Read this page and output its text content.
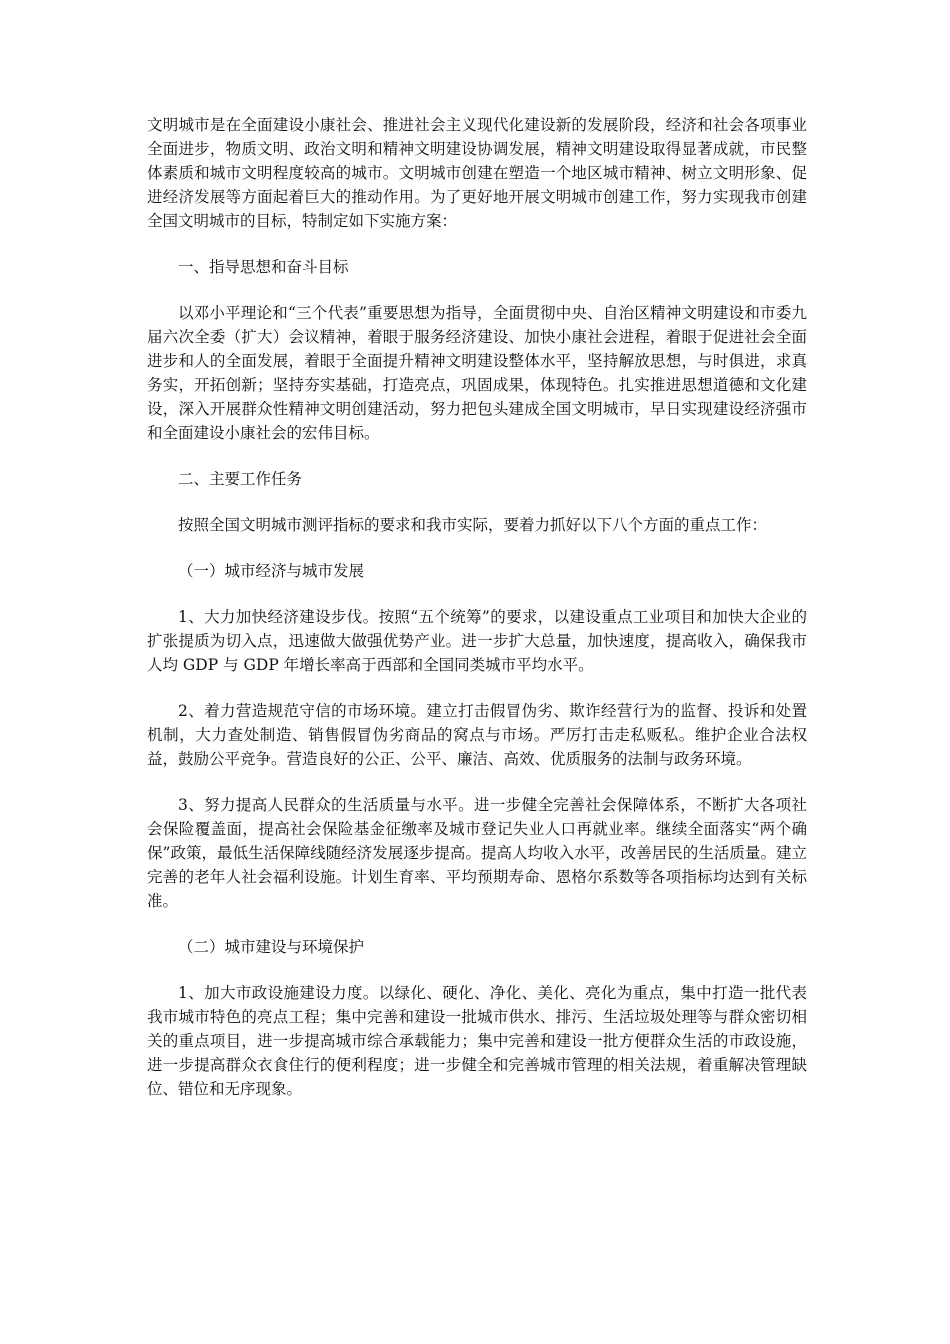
文明城市是在全面建设小康社会、推进社会主义现代化建设新的发展阶段，经济和社会各项事业全面进步，物质文明、政治文明和精神文明建设协调发展，精神文明建设取得显著成就，市民整体素质和城市文明程度较高的城市。文明城市创建在塑造一个地区城市精神、树立文明形象、促进经济发展等方面起着巨大的推动作用。为了更好地开展文明城市创建工作，努力实现我市创建全国文明城市的目标，特制定如下实施方案：

一、指导思想和奋斗目标

以邓小平理论和“三个代表”重要思想为指导，全面贯彻中央、自治区精神文明建设和市委九届六次全委（扩大）会议精神，着眼于服务经济建设、加快小康社会进程，着眼于促进社会全面进步和人的全面发展，着眼于全面提升精神文明建设整体水平，坚持解放思想，与时俱进，求真务实，开拓创新；坚持夯实基础，打造亮点，巩固成果，体现特色。扎实推进思想道德和文化建设，深入开展群众性精神文明创建活动，努力把包头建成全国文明城市，早日实现建设经济强市和全面建设小康社会的宏伟目标。

二、主要工作任务

按照全国文明城市测评指标的要求和我市实际，要着力抓好以下八个方面的重点工作：

（一）城市经济与城市发展

1、大力加快经济建设步伐。按照“五个统筹”的要求，以建设重点工业项目和加快大企业的扩张提质为切入点，迅速做大做强优势产业。进一步扩大总量，加快速度，提高收入，确保我市人均 GDP 与 GDP 年增长率高于西部和全国同类城市平均水平。

2、着力营造规范守信的市场环境。建立打击假冒伪劣、欺诈经营行为的监督、投诉和处置机制，大力查处制造、销售假冒伪劣商品的窝点与市场。严厉打击走私贩私。维护企业合法权益，鼓励公平竞争。营造良好的公正、公平、廉洁、高效、优质服务的法制与政务环境。

3、努力提高人民群众的生活质量与水平。进一步健全完善社会保障体系，不断扩大各项社会保险覆盖面，提高社会保险基金征缴率及城市登记失业人口再就业率。继续全面落实“两个确保”政策，最低生活保障线随经济发展逐步提高。提高人均收入水平，改善居民的生活质量。建立完善的老年人社会福利设施。计划生育率、平均预期寿命、恩格尔系数等各项指标均达到有关标准。

（二）城市建设与环境保护

1、加大市政设施建设力度。以绿化、硬化、净化、美化、亮化为重点，集中打造一批代表我市城市特色的亮点工程；集中完善和建设一批城市供水、排污、生活垃圾处理等与群众密切相关的重点项目，进一步提高城市综合承载能力；集中完善和建设一批方便群众生活的市政设施，进一步提高群众衣食住行的便利程度；进一步健全和完善城市管理的相关法规，着重解决管理缺位、错位和无序现象。
